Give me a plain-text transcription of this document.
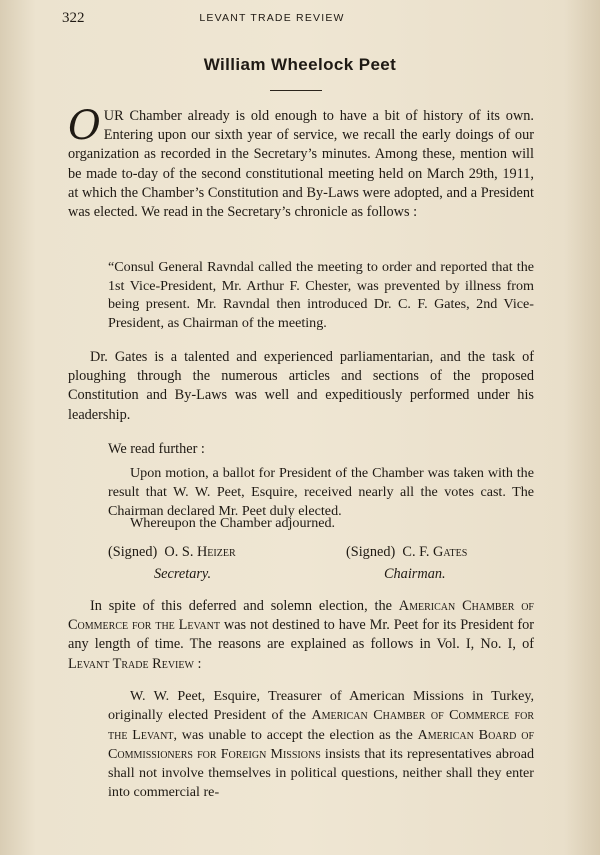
322	LEVANT TRADE REVIEW
William Wheelock Peet
OUR Chamber already is old enough to have a bit of history of its own. Entering upon our sixth year of service, we recall the early doings of our organization as recorded in the Secretary’s minutes. Among these, mention will be made to-day of the second constitutional meeting held on March 29th, 1911, at which the Chamber’s Constitution and By-Laws were adopted, and a President was elected. We read in the Secretary’s chronicle as follows :
“Consul General Ravndal called the meeting to order and reported that the 1st Vice-President, Mr. Arthur F. Chester, was prevented by illness from being present. Mr. Ravndal then introduced Dr. C. F. Gates, 2nd Vice-President, as Chairman of the meeting.
Dr. Gates is a talented and experienced parliamentarian, and the task of ploughing through the numerous articles and sections of the proposed Constitution and By-Laws was well and expeditiously performed under his leadership.
We read further :
Upon motion, a ballot for President of the Chamber was taken with the result that W. W. Peet, Esquire, received nearly all the votes cast. The Chairman declared Mr. Peet duly elected.
Whereupon the Chamber adjourned.
(Signed) O. S. Heizer	(Signed) C. F. Gates
Secretary.	Chairman.
In spite of this deferred and solemn election, the American Chamber of Commerce for the Levant was not destined to have Mr. Peet for its President for any length of time. The reasons are explained as follows in Vol. I, No. I, of Levant Trade Review :
W. W. Peet, Esquire, Treasurer of American Missions in Turkey, originally elected President of the American Chamber of Commerce for the Levant, was unable to accept the election as the American Board of Commissioners for Foreign Missions insists that its representatives abroad shall not involve themselves in political questions, neither shall they enter into commercial re-
